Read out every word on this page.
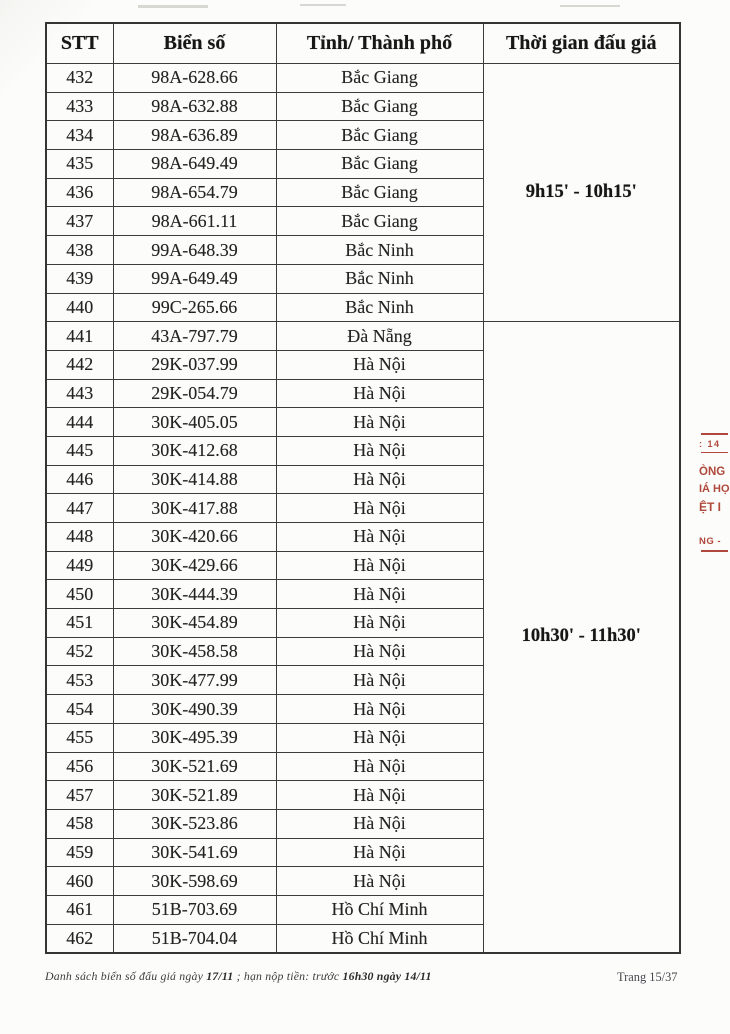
STT	Biển số	Tỉnh/ Thành phố	Thời gian đấu giá
432	98A-628.66	Bắc Giang	9h15' - 10h15'
433	98A-632.88	Bắc Giang	
434	98A-636.89	Bắc Giang	
435	98A-649.49	Bắc Giang	
436	98A-654.79	Bắc Giang	
437	98A-661.11	Bắc Giang	
438	99A-648.39	Bắc Ninh	
439	99A-649.49	Bắc Ninh	
440	99C-265.66	Bắc Ninh	
441	43A-797.79	Đà Nẵng	10h30' - 11h30'
442	29K-037.99	Hà Nội	
443	29K-054.79	Hà Nội	
444	30K-405.05	Hà Nội	
445	30K-412.68	Hà Nội	
446	30K-414.88	Hà Nội	
447	30K-417.88	Hà Nội	
448	30K-420.66	Hà Nội	
449	30K-429.66	Hà Nội	
450	30K-444.39	Hà Nội	
451	30K-454.89	Hà Nội	
452	30K-458.58	Hà Nội	
453	30K-477.99	Hà Nội	
454	30K-490.39	Hà Nội	
455	30K-495.39	Hà Nội	
456	30K-521.69	Hà Nội	
457	30K-521.89	Hà Nội	
458	30K-523.86	Hà Nội	
459	30K-541.69	Hà Nội	
460	30K-598.69	Hà Nội	
461	51B-703.69	Hồ Chí Minh	
462	51B-704.04	Hồ Chí Minh	
Danh sách biển số đấu giá ngày 17/11 ; hạn nộp tiền: trước 16h30 ngày 14/11	Trang 15/37
: 14
ÒNG
IÁ HỌ
ỆT I
NG -
